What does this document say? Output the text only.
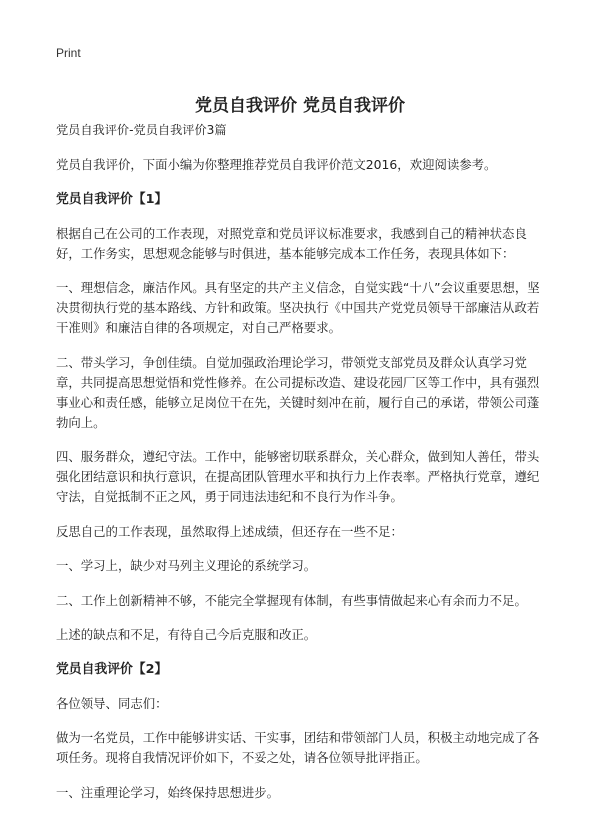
Print
党员自我评价 党员自我评价

党员自我评价-党员自我评价3篇

党员自我评价，下面小编为你整理推荐党员自我评价范文2016，欢迎阅读参考。

党员自我评价【1】

根据自己在公司的工作表现，对照党章和党员评议标准要求，我感到自己的精神状态良好，工作务实，思想观念能够与时俱进，基本能够完成本工作任务，表现具体如下：

一、理想信念，廉洁作风。具有坚定的共产主义信念，自觉实践“十八”会议重要思想，坚决贯彻执行党的基本路线、方针和政策。坚决执行《中国共产党党员领导干部廉洁从政若干准则》和廉洁自律的各项规定，对自己严格要求。

二、带头学习，争创佳绩。自觉加强政治理论学习，带领党支部党员及群众认真学习党章，共同提高思想觉悟和党性修养。在公司提标改造、建设花园厂区等工作中，具有强烈事业心和责任感，能够立足岗位干在先，关键时刻冲在前，履行自己的承诺，带领公司蓬勃向上。

四、服务群众，遵纪守法。工作中，能够密切联系群众，关心群众，做到知人善任，带头强化团结意识和执行意识，在提高团队管理水平和执行力上作表率。严格执行党章，遵纪守法，自觉抵制不正之风，勇于同违法违纪和不良行为作斗争。

反思自己的工作表现，虽然取得上述成绩，但还存在一些不足：

一、学习上，缺少对马列主义理论的系统学习。

二、工作上创新精神不够，不能完全掌握现有体制，有些事情做起来心有余而力不足。

上述的缺点和不足，有待自己今后克服和改正。

党员自我评价【2】

各位领导、同志们：

做为一名党员，工作中能够讲实话、干实事，团结和带领部门人员，积极主动地完成了各项任务。现将自我情况评价如下，不妥之处，请各位领导批评指正。

一、注重理论学习，始终保持思想进步。
